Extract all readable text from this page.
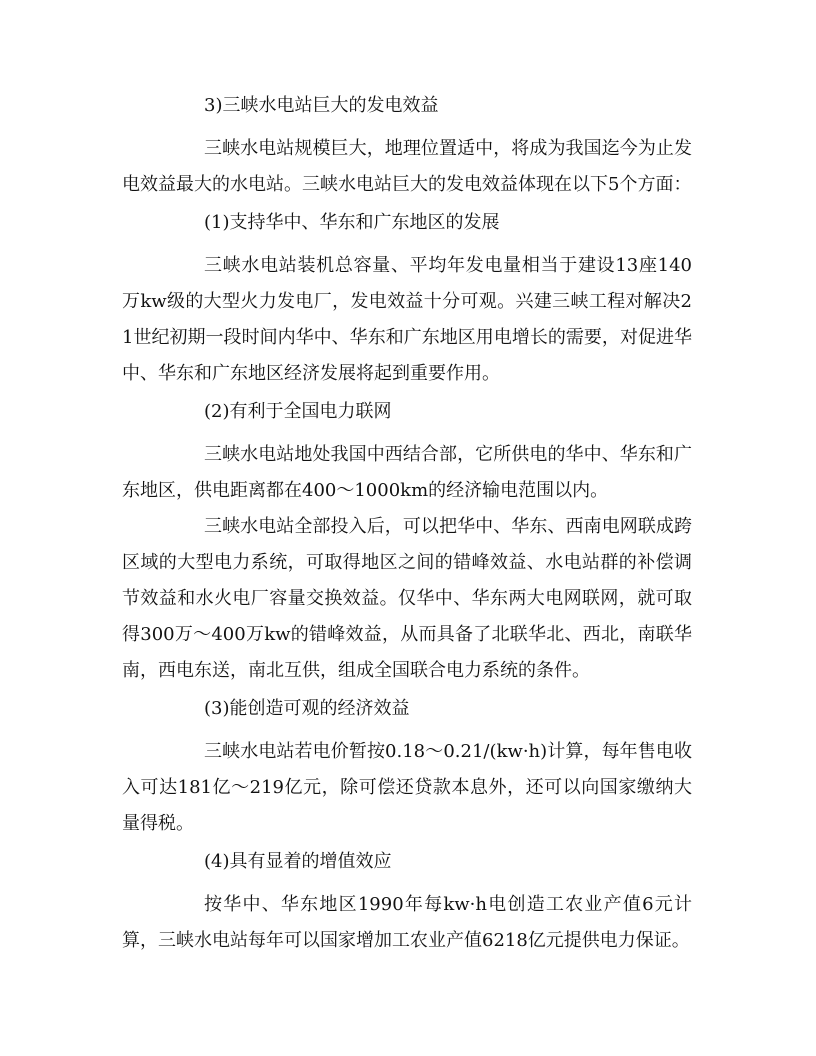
3)三峡水电站巨大的发电效益

三峡水电站规模巨大，地理位置适中，将成为我国迄今为止发电效益最大的水电站。三峡水电站巨大的发电效益体现在以下5个方面：

(1)支持华中、华东和广东地区的发展

三峡水电站装机总容量、平均年发电量相当于建设13座140万kw级的大型火力发电厂，发电效益十分可观。兴建三峡工程对解决21世纪初期一段时间内华中、华东和广东地区用电增长的需要，对促进华中、华东和广东地区经济发展将起到重要作用。

(2)有利于全国电力联网

三峡水电站地处我国中西结合部，它所供电的华中、华东和广东地区，供电距离都在400～1000km的经济输电范围以内。

三峡水电站全部投入后，可以把华中、华东、西南电网联成跨区域的大型电力系统，可取得地区之间的错峰效益、水电站群的补偿调节效益和水火电厂容量交换效益。仅华中、华东两大电网联网，就可取得300万～400万kw的错峰效益，从而具备了北联华北、西北，南联华南，西电东送，南北互供，组成全国联合电力系统的条件。

(3)能创造可观的经济效益

三峡水电站若电价暂按0.18～0.21/(kw·h)计算，每年售电收入可达181亿～219亿元，除可偿还贷款本息外，还可以向国家缴纳大量得税。

(4)具有显着的增值效应

按华中、华东地区1990年每kw·h电创造工农业产值6元计算，三峡水电站每年可以国家增加工农业产值6218亿元提供电力保证。
